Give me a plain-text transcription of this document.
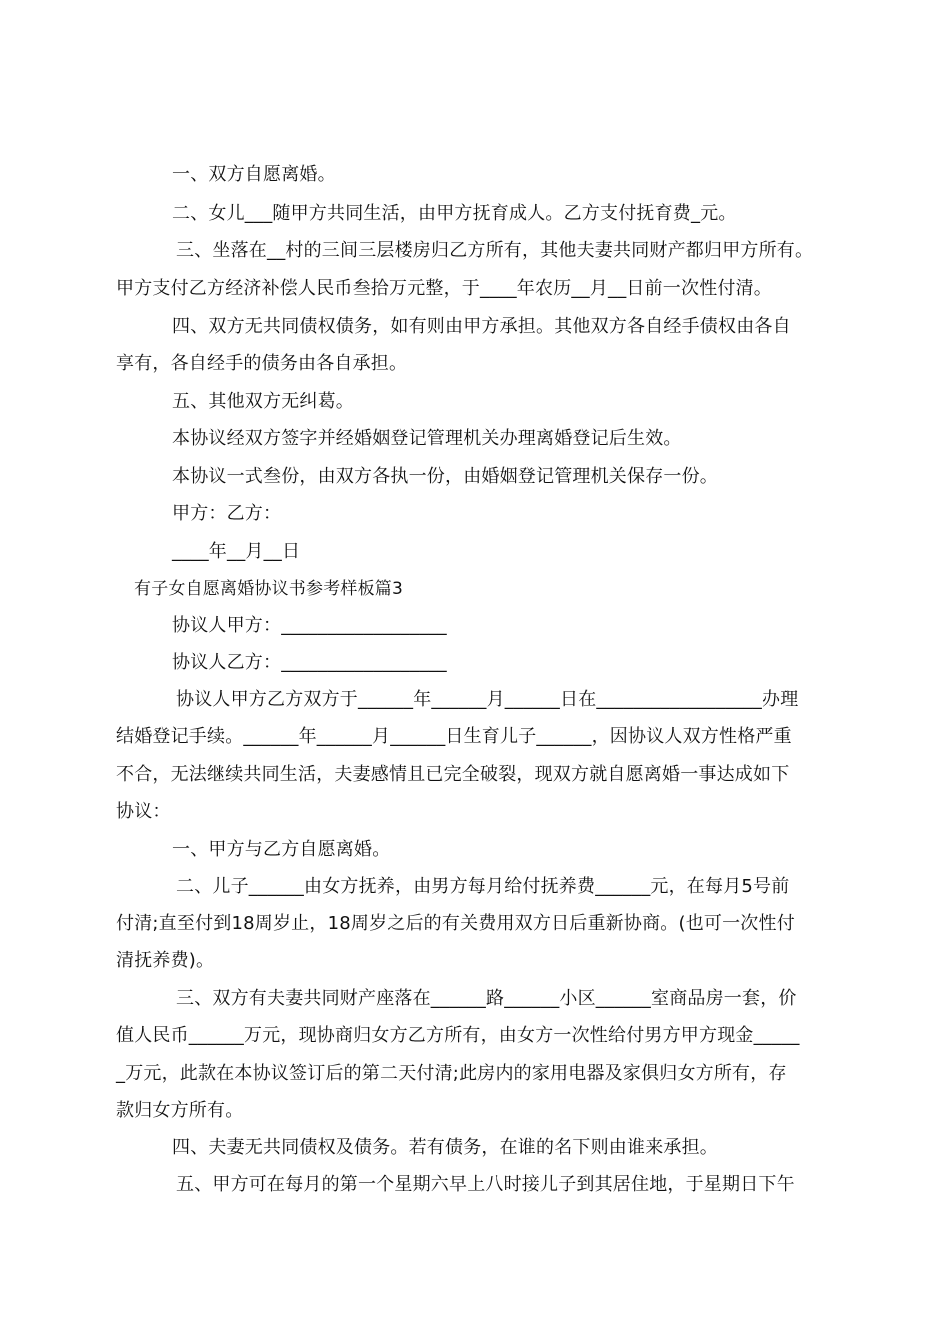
一、双方自愿离婚。
二、女儿___随甲方共同生活，由甲方抚育成人。乙方支付抚育费_元。
三、坐落在__村的三间三层楼房归乙方所有，其他夫妻共同财产都归甲方所有。
甲方支付乙方经济补偿人民币叁拾万元整，于____年农历__月__日前一次性付清。
四、双方无共同债权债务，如有则由甲方承担。其他双方各自经手债权由各自
享有，各自经手的债务由各自承担。
五、其他双方无纠葛。
本协议经双方签字并经婚姻登记管理机关办理离婚登记后生效。
本协议一式叁份，由双方各执一份，由婚姻登记管理机关保存一份。
甲方：乙方：
____年__月__日
有子女自愿离婚协议书参考样板篇3
协议人甲方：__________________
协议人乙方：__________________
协议人甲方乙方双方于______年______月______日在__________________办理
结婚登记手续。______年______月______日生育儿子______，因协议人双方性格严重
不合，无法继续共同生活，夫妻感情且已完全破裂，现双方就自愿离婚一事达成如下
协议：
一、甲方与乙方自愿离婚。
二、儿子______由女方抚养，由男方每月给付抚养费______元，在每月5号前
付清;直至付到18周岁止，18周岁之后的有关费用双方日后重新协商。(也可一次性付
清抚养费)。
三、双方有夫妻共同财产座落在______路______小区______室商品房一套，价
值人民币______万元，现协商归女方乙方所有，由女方一次性给付男方甲方现金_____
_万元，此款在本协议签订后的第二天付清;此房内的家用电器及家俱归女方所有，存
款归女方所有。
四、夫妻无共同债权及债务。若有债务，在谁的名下则由谁来承担。
五、甲方可在每月的第一个星期六早上八时接儿子到其居住地，于星期日下午
